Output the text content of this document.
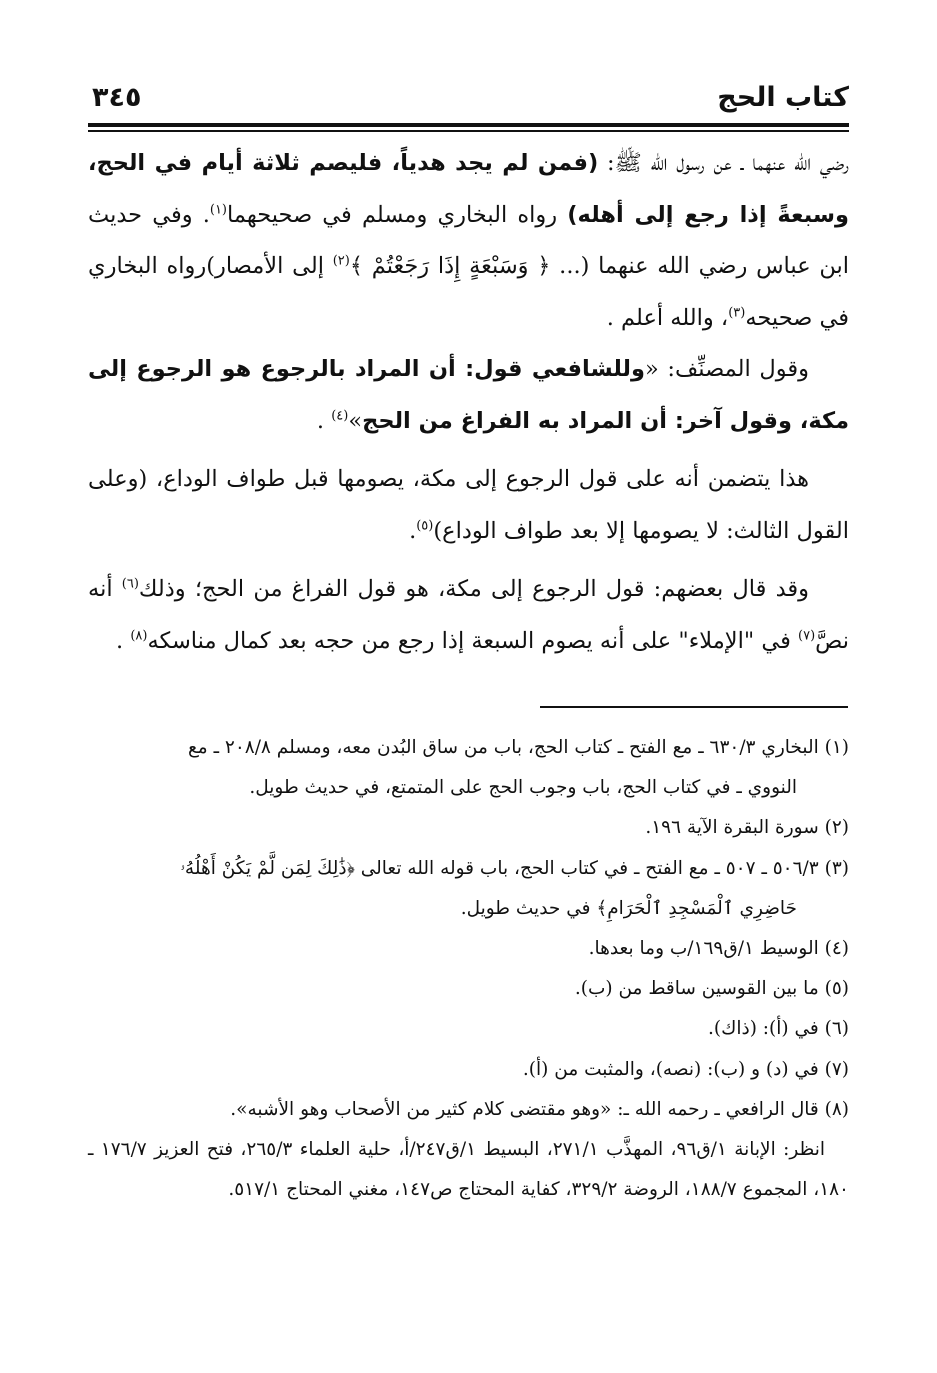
٣٤٥	كتاب الحج

رضي الله عنهما ـ عن رسول الله ﷺ: (فمن لم يجد هدياً، فليصم ثلاثة أيام في الحج، وسبعةً إذا رجع إلى أهله) رواه البخاري ومسلم في صحيحهما$^{(١)}$. وفي حديث ابن عباس رضي الله عنهما (... ﴿ وَسَبْعَةٍ إِذَا رَجَعْتُمْ ﴾$^{(٢)}$ إلى الأمصار)رواه البخاري في صحيحه$^{(٣)}$، والله أعلم .

وقول المصنِّف: «وللشافعي قول: أن المراد بالرجوع هو الرجوع إلى مكة، وقول آخر: أن المراد به الفراغ من الحج»$^{(٤)}$ .

هذا يتضمن أنه على قول الرجوع إلى مكة، يصومها قبل طواف الوداع، (وعلى القول الثالث: لا يصومها إلا بعد طواف الوداع)$^{(٥)}$.

وقد قال بعضهم: قول الرجوع إلى مكة، هو قول الفراغ من الحج؛ وذلك$^{(٦)}$ أنه نصَّ$^{(٧)}$ في "الإملاء" على أنه يصوم السبعة إذا رجع من حجه بعد كمال مناسكه$^{(٨)}$ .

(١) البخاري ٦٣٠/٣ ـ مع الفتح ـ كتاب الحج، باب من ساق البُدن معه، ومسلم ٢٠٨/٨ ـ مع

النووي ـ في كتاب الحج، باب وجوب الحج على المتمتع، في حديث طويل.

(٢) سورة البقرة الآية ١٩٦.

(٣) ٥٠٦/٣ ـ ٥٠٧ ـ مع الفتح ـ في كتاب الحج، باب قوله الله تعالى ﴿ذَٰلِكَ لِمَن لَّمْ يَكُنْ أَهْلُهُۥ

حَاضِرِي ٱلْمَسْجِدِ ٱلْحَرَامِ﴾ في حديث طويل.

(٤) الوسيط ١/ق١٦٩/ب وما بعدها.

(٥) ما بين القوسين ساقط من (ب).

(٦) في (أ): (ذاك).

(٧) في (د) و (ب): (نصه)، والمثبت من (أ).

(٨) قال الرافعي ـ رحمه الله ـ: «وهو مقتضى كلام كثير من الأصحاب وهو الأشبه».

انظر: الإبانة ١/ق٩٦، المهذَّب ٢٧١/١، البسيط ١/ق٢٤٧/أ، حلية العلماء ٢٦٥/٣، فتح العزيز ١٧٦/٧ ـ ١٨٠، المجموع ١٨٨/٧، الروضة ٣٢٩/٢، كفاية المحتاج ص١٤٧، مغني المحتاج ٥١٧/١.
